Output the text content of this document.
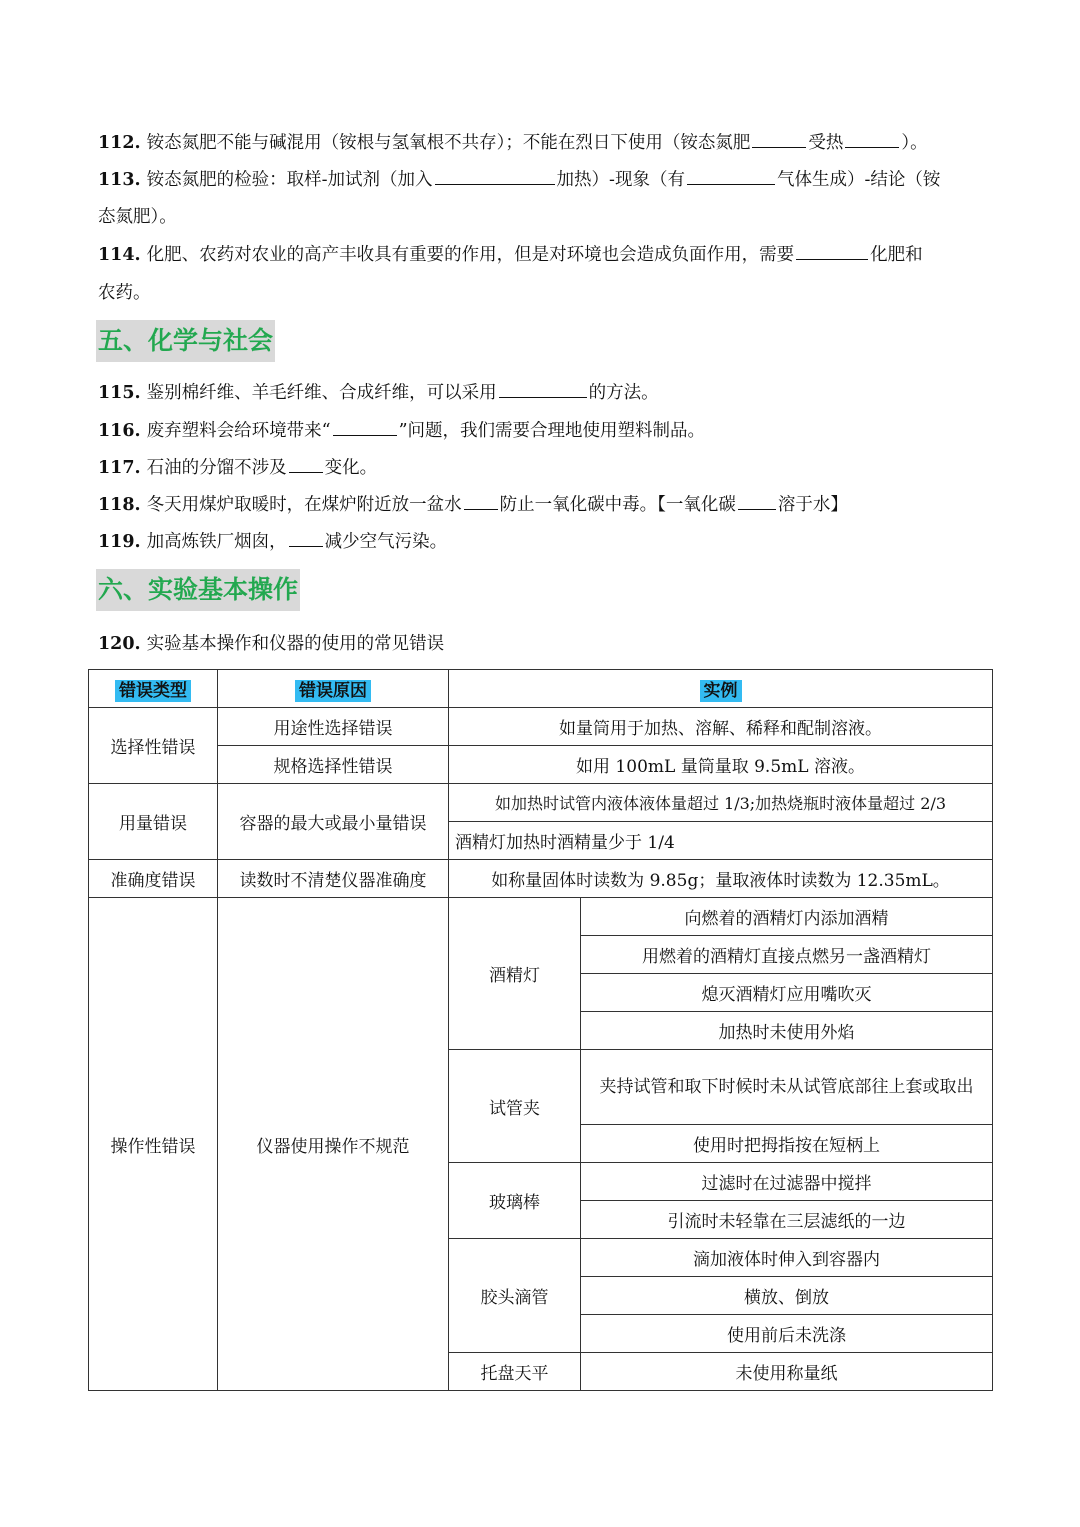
112. 铵态氮肥不能与碱混用（铵根与氢氧根不共存）；不能在烈日下使用（铵态氮肥	受热	）。
113. 铵态氮肥的检验：取样-加试剂（加入	加热）-现象（有	气体生成）-结论（铵
态氮肥）。
114. 化肥、农药对农业的高产丰收具有重要的作用，但是对环境也会造成负面作用，需要	化肥和
农药。
五、化学与社会
115. 鉴别棉纤维、羊毛纤维、合成纤维，可以采用	的方法。
116. 废弃塑料会给环境带来“	”问题，我们需要合理地使用塑料制品。
117. 石油的分馏不涉及 变化。
118. 冬天用煤炉取暖时，在煤炉附近放一盆水 防止一氧化碳中毒。【一氧化碳 溶于水】
119. 加高炼铁厂烟囱， 减少空气污染。
六、实验基本操作
120. 实验基本操作和仪器的使用的常见错误
错误类型	错误原因	实例	
选择性错误	用途性选择错误	如量筒用于加热、溶解、稀释和配制溶液。	
	规格选择性错误	如用 100mL 量筒量取 9.5mL 溶液。	
用量错误	容器的最大或最小量错误	如加热时试管内液体液体量超过 1/3;加热烧瓶时液体量超过 2/3	
		酒精灯加热时酒精量少于 1/4	
准确度错误	读数时不清楚仪器准确度	如称量固体时读数为 9.85g；量取液体时读数为 12.35mL。	
操作性错误	仪器使用操作不规范	酒精灯	向燃着的酒精灯内添加酒精
			用燃着的酒精灯直接点燃另一盏酒精灯
			熄灭酒精灯应用嘴吹灭
			加热时未使用外焰
		试管夹	夹持试管和取下时候时未从试管底部往上套或取出
			使用时把拇指按在短柄上
		玻璃棒	过滤时在过滤器中搅拌
			引流时未轻靠在三层滤纸的一边
		胶头滴管	滴加液体时伸入到容器内
			横放、倒放
			使用前后未洗涤
		托盘天平	未使用称量纸
